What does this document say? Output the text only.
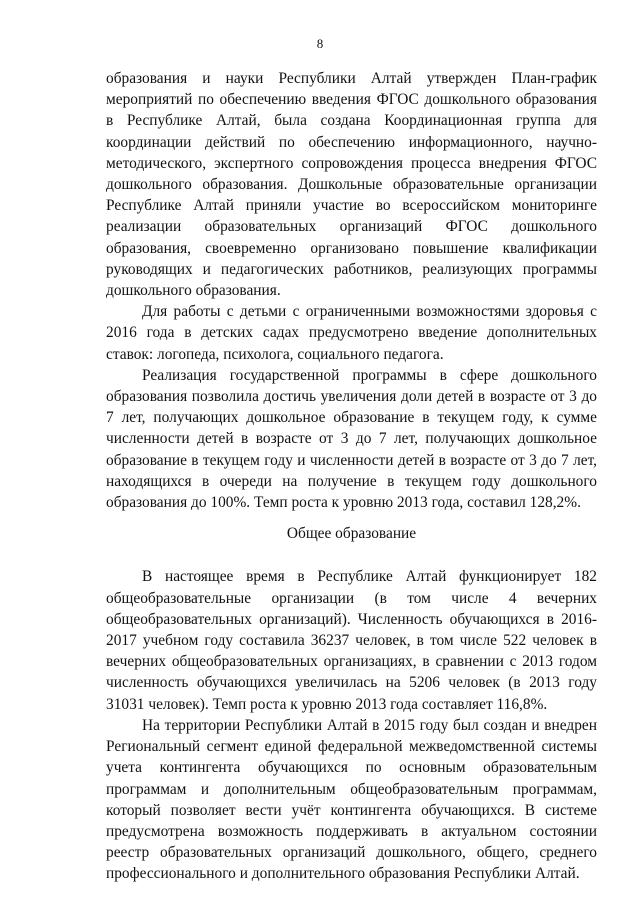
8

образования и науки Республики Алтай утвержден План-график мероприятий по обеспечению введения ФГОС дошкольного образования в Республике Алтай, была создана Координационная группа для координации действий по обеспечению информационного, научно-методического, экспертного сопровождения процесса внедрения ФГОС дошкольного образования. Дошкольные образовательные организации Республике Алтай приняли участие во всероссийском мониторинге реализации образовательных организаций ФГОС дошкольного образования, своевременно организовано повышение квалификации руководящих и педагогических работников, реализующих программы дошкольного образования.

Для работы с детьми с ограниченными возможностями здоровья с 2016 года в детских садах предусмотрено введение дополнительных ставок: логопеда, психолога, социального педагога.

Реализация государственной программы в сфере дошкольного образования позволила достичь увеличения доли детей в возрасте от 3 до 7 лет, получающих дошкольное образование в текущем году, к сумме численности детей в возрасте от 3 до 7 лет, получающих дошкольное образование в текущем году и численности детей в возрасте от 3 до 7 лет, находящихся в очереди на получение в текущем году дошкольного образования до 100%. Темп роста к уровню 2013 года, составил 128,2%.

Общее образование

В настоящее время в Республике Алтай функционирует 182 общеобразовательные организации (в том числе 4 вечерних общеобразовательных организаций). Численность обучающихся в 2016-2017 учебном году составила 36237 человек, в том числе 522 человек в вечерних общеобразовательных организациях, в сравнении с 2013 годом численность обучающихся увеличилась на 5206 человек (в 2013 году 31031 человек). Темп роста к уровню 2013 года составляет 116,8%.

На территории Республики Алтай в 2015 году был создан и внедрен Региональный сегмент единой федеральной межведомственной системы учета контингента обучающихся по основным образовательным программам и дополнительным общеобразовательным программам, который позволяет вести учёт контингента обучающихся. В системе предусмотрена возможность поддерживать в актуальном состоянии реестр образовательных организаций дошкольного, общего, среднего профессионального и дополнительного образования Республики Алтай.
